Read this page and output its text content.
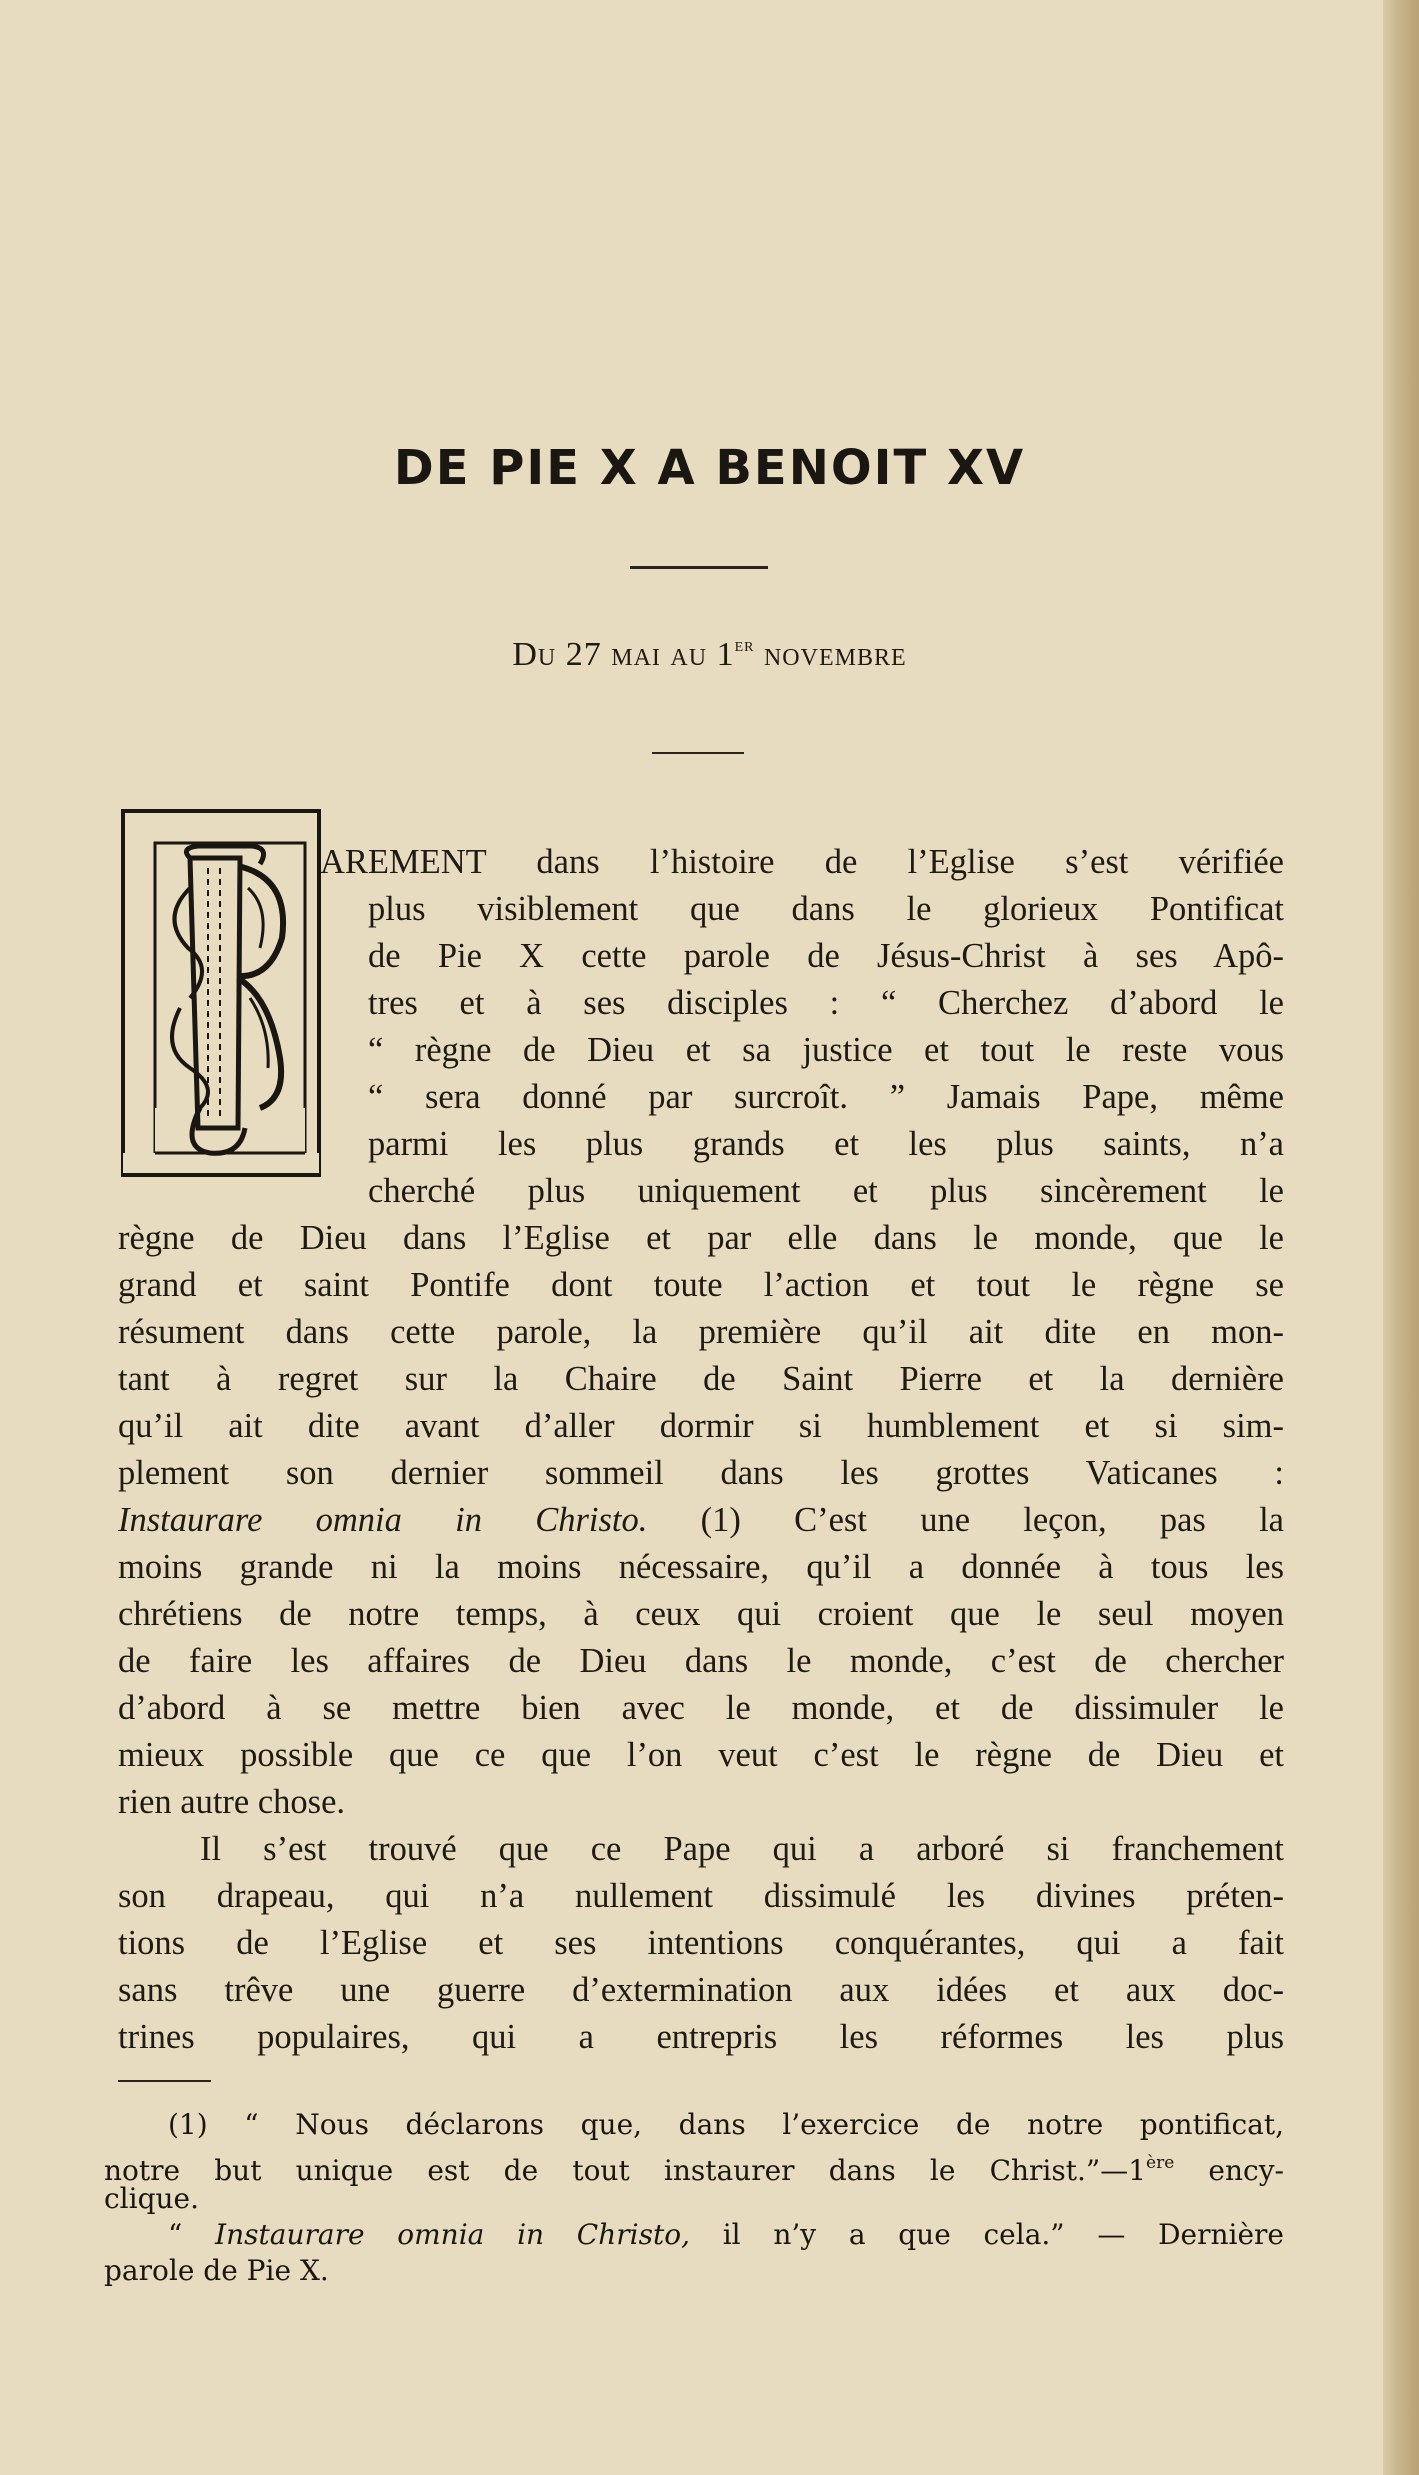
DE PIE X A BENOIT XV
Du 27 mai au 1er novembre
AREMENT dans l’histoire de l’Eglise s’est vérifiée
plus visiblement que dans le glorieux Pontificat
de Pie X cette parole de Jésus-Christ à ses Apô-
tres et à ses disciples : “ Cherchez d’abord le
“ règne de Dieu et sa justice et tout le reste vous
“ sera donné par surcroît. ” Jamais Pape, même
parmi les plus grands et les plus saints, n’a
cherché plus uniquement et plus sincèrement le
règne de Dieu dans l’Eglise et par elle dans le monde, que le
grand et saint Pontife dont toute l’action et tout le règne se
résument dans cette parole, la première qu’il ait dite en mon-
tant à regret sur la Chaire de Saint Pierre et la dernière
qu’il ait dite avant d’aller dormir si humblement et si sim-
plement son dernier sommeil dans les grottes Vaticanes :
Instaurare omnia in Christo. (1) C’est une leçon, pas la
moins grande ni la moins nécessaire, qu’il a donnée à tous les
chrétiens de notre temps, à ceux qui croient que le seul moyen
de faire les affaires de Dieu dans le monde, c’est de chercher
d’abord à se mettre bien avec le monde, et de dissimuler le
mieux possible que ce que l’on veut c’est le règne de Dieu et
rien autre chose.
Il s’est trouvé que ce Pape qui a arboré si franchement
son drapeau, qui n’a nullement dissimulé les divines préten-
tions de l’Eglise et ses intentions conquérantes, qui a fait
sans trêve une guerre d’extermination aux idées et aux doc-
trines populaires, qui a entrepris les réformes les plus
(1) “ Nous déclarons que, dans l’exercice de notre pontificat,
notre but unique est de tout instaurer dans le Christ.”—1ère ency-
clique.
“ Instaurare omnia in Christo, il n’y a que cela.” — Dernière
parole de Pie X.
